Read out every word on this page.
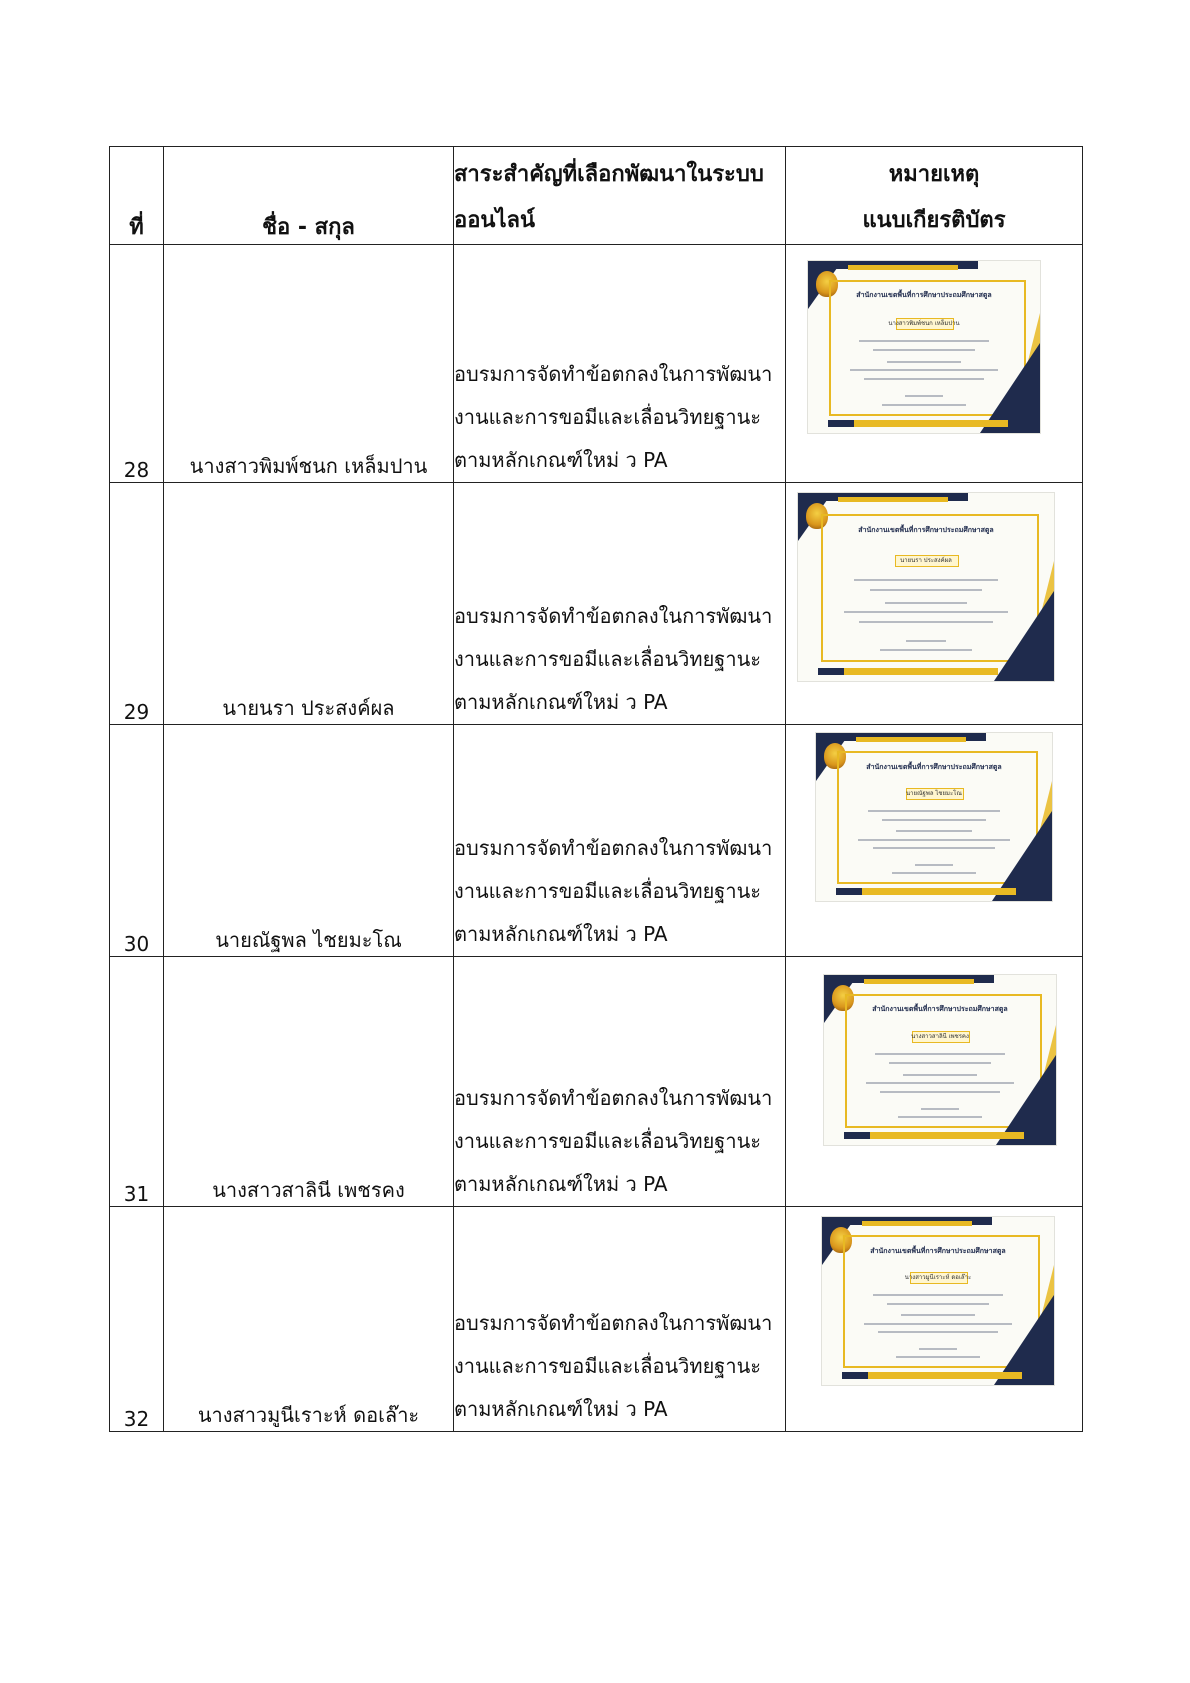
ที่	ชื่อ - สกุล	สาระสำคัญที่เลือกพัฒนาในระบบออนไลน์	หมายเหตุ
แนบเกียรติบัตร

28	นางสาวพิมพ์ชนก เหล็มปาน	อบรมการจัดทำข้อตกลงในการพัฒนางานและการขอมีและเลื่อนวิทยฐานะตามหลักเกณฑ์ใหม่ ว PA	สำนักงานเขตพื้นที่การศึกษาประถมศึกษาสตูล
นางสาวพิมพ์ชนก เหล็มปาน

29	นายนรา ประสงค์ผล	อบรมการจัดทำข้อตกลงในการพัฒนางานและการขอมีและเลื่อนวิทยฐานะตามหลักเกณฑ์ใหม่ ว PA	สำนักงานเขตพื้นที่การศึกษาประถมศึกษาสตูล
นายนรา ประสงค์ผล

30	นายณัฐพล ไชยมะโณ	อบรมการจัดทำข้อตกลงในการพัฒนางานและการขอมีและเลื่อนวิทยฐานะตามหลักเกณฑ์ใหม่ ว PA	สำนักงานเขตพื้นที่การศึกษาประถมศึกษาสตูล
นายณัฐพล ไชยมะโณ

31	นางสาวสาลินี เพชรคง	อบรมการจัดทำข้อตกลงในการพัฒนางานและการขอมีและเลื่อนวิทยฐานะตามหลักเกณฑ์ใหม่ ว PA	สำนักงานเขตพื้นที่การศึกษาประถมศึกษาสตูล
นางสาวสาลินี เพชรคง

32	นางสาวมูนีเราะห์ ดอเล๊าะ	อบรมการจัดทำข้อตกลงในการพัฒนางานและการขอมีและเลื่อนวิทยฐานะตามหลักเกณฑ์ใหม่ ว PA	สำนักงานเขตพื้นที่การศึกษาประถมศึกษาสตูล
นางสาวมูนีเราะห์ ดอเล๊าะ
